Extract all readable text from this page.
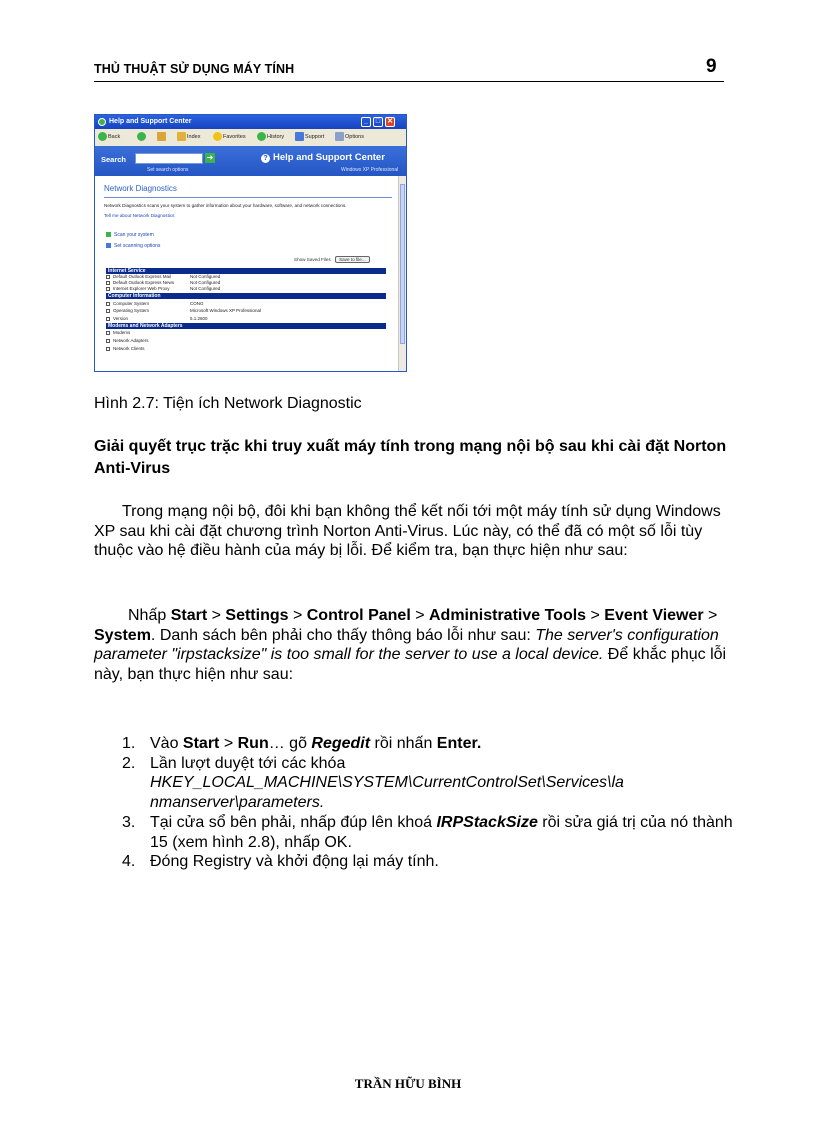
THỦ THUẬT SỬ DỤNG MÁY TÍNH	9
Help and Support Center	_	□ ✕
Back	Index	Favorites	History	Support	Options
Search	➜
Set search options
? Help and Support Center
Windows XP Professional
Network Diagnostics
Network Diagnostics scans your system to gather information about your hardware, software, and network connections.
Tell me about Network Diagnostics
Scan your system
Set scanning options
Show Saved Files Save to file...
Internet Service
Default Outlook Express Mail	Not Configured
Default Outlook Express News	Not Configured
Internet Explorer Web Proxy	Not Configured
Computer Information
Computer System	CONG
Operating System	Microsoft Windows XP Professional
Version	5.1.2600
Modems and Network Adapters
Modems
Network Adapters
Network Clients
Hình 2.7: Tiện ích Network Diagnostic
Giải quyết trục trặc khi truy xuất máy tính trong mạng nội bộ sau khi cài đặt Norton Anti-Virus

Trong mạng nội bộ, đôi khi bạn không thể kết nối tới một máy tính sử dụng Windows XP sau khi cài đặt chương trình Norton Anti-Virus. Lúc này, có thể đã có một số lỗi tùy thuộc vào hệ điều hành của máy bị lỗi. Để kiểm tra, bạn thực hiện như sau:

Nhấp Start > Settings > Control Panel > Administrative Tools > Event Viewer > System. Danh sách bên phải cho thấy thông báo lỗi như sau: The server's configuration parameter "irpstacksize" is too small for the server to use a local device. Để khắc phục lỗi này, bạn thực hiện như sau:

1. Vào Start > Run… gõ Regedit rồi nhấn Enter.
2. Lần lượt duyệt tới các khóa
HKEY_LOCAL_MACHINE\SYSTEM\CurrentControlSet\Services\la
nmanserver\parameters.
3. Tại cửa sổ bên phải, nhấp đúp lên khoá IRPStackSize rồi sửa giá trị của nó thành 15 (xem hình 2.8), nhấp OK.
4. Đóng Registry và khởi động lại máy tính.
TRẦN HỮU BÌNH
